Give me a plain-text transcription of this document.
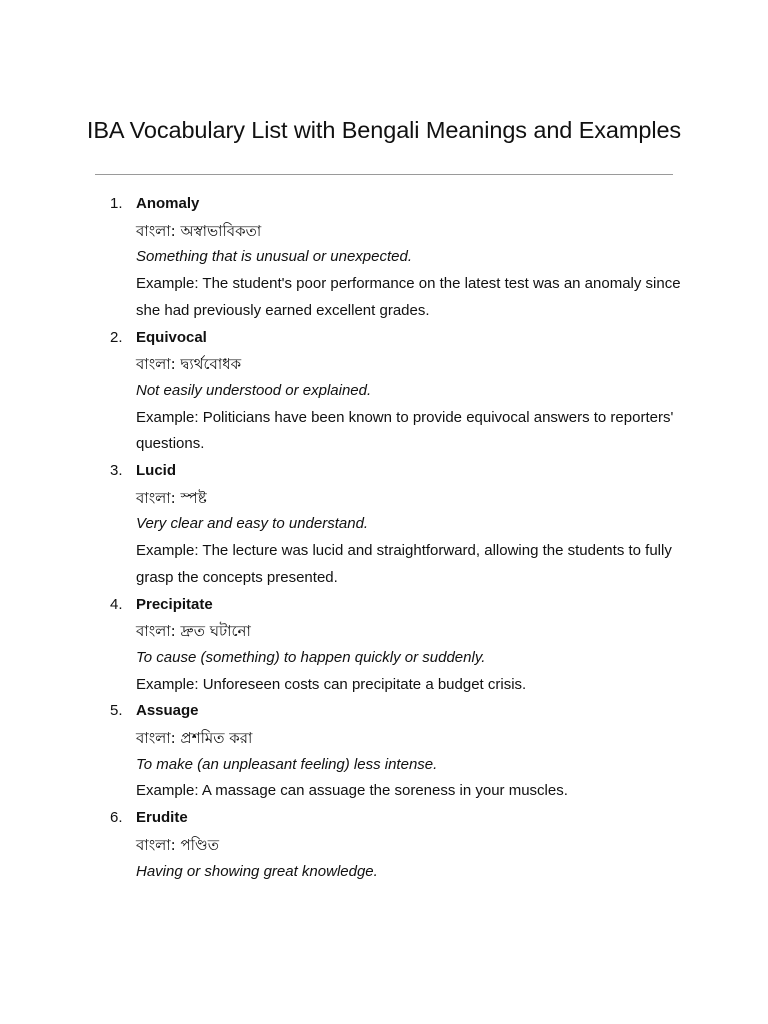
IBA Vocabulary List with Bengali Meanings and Examples
1. Anomaly
বাংলা: অস্বাভাবিকতা
Something that is unusual or unexpected.
Example: The student's poor performance on the latest test was an anomaly since she had previously earned excellent grades.
2. Equivocal
বাংলা: দ্ব্যর্থবোধক
Not easily understood or explained.
Example: Politicians have been known to provide equivocal answers to reporters' questions.
3. Lucid
বাংলা: স্পষ্ট
Very clear and easy to understand.
Example: The lecture was lucid and straightforward, allowing the students to fully grasp the concepts presented.
4. Precipitate
বাংলা: দ্রুত ঘটানো
To cause (something) to happen quickly or suddenly.
Example: Unforeseen costs can precipitate a budget crisis.
5. Assuage
বাংলা: প্রশমিত করা
To make (an unpleasant feeling) less intense.
Example: A massage can assuage the soreness in your muscles.
6. Erudite
বাংলা: পণ্ডিত
Having or showing great knowledge.
